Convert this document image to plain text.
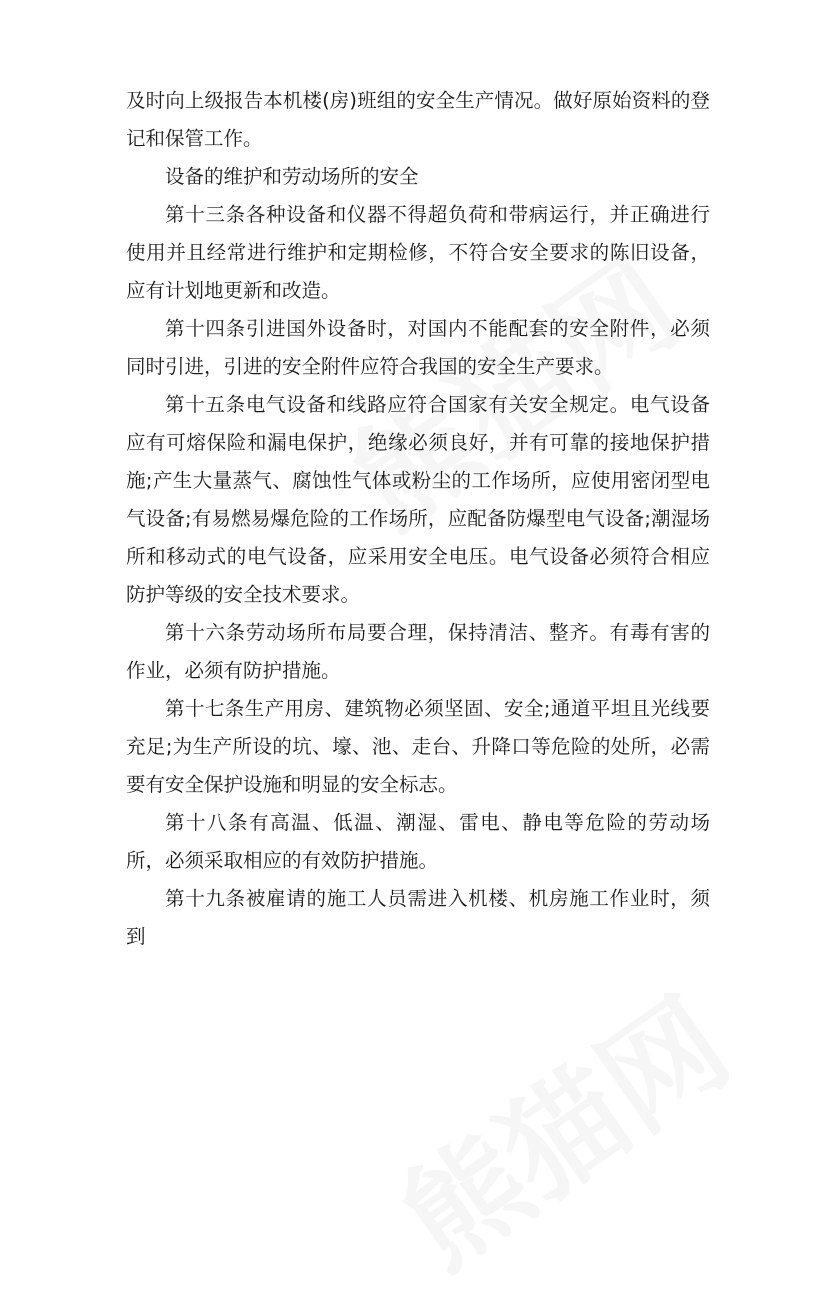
及时向上级报告本机楼(房)班组的安全生产情况。做好原始资料的登记和保管工作。

设备的维护和劳动场所的安全

第十三条各种设备和仪器不得超负荷和带病运行，并正确进行使用并且经常进行维护和定期检修，不符合安全要求的陈旧设备，应有计划地更新和改造。

第十四条引进国外设备时，对国内不能配套的安全附件，必须同时引进，引进的安全附件应符合我国的安全生产要求。

第十五条电气设备和线路应符合国家有关安全规定。电气设备应有可熔保险和漏电保护，绝缘必须良好，并有可靠的接地保护措施;产生大量蒸气、腐蚀性气体或粉尘的工作场所，应使用密闭型电气设备;有易燃易爆危险的工作场所，应配备防爆型电气设备;潮湿场所和移动式的电气设备，应采用安全电压。电气设备必须符合相应防护等级的安全技术要求。

第十六条劳动场所布局要合理，保持清洁、整齐。有毒有害的作业，必须有防护措施。

第十七条生产用房、建筑物必须坚固、安全;通道平坦且光线要充足;为生产所设的坑、壕、池、走台、升降口等危险的处所，必需要有安全保护设施和明显的安全标志。

第十八条有高温、低温、潮湿、雷电、静电等危险的劳动场所，必须采取相应的有效防护措施。

第十九条被雇请的施工人员需进入机楼、机房施工作业时，须到
